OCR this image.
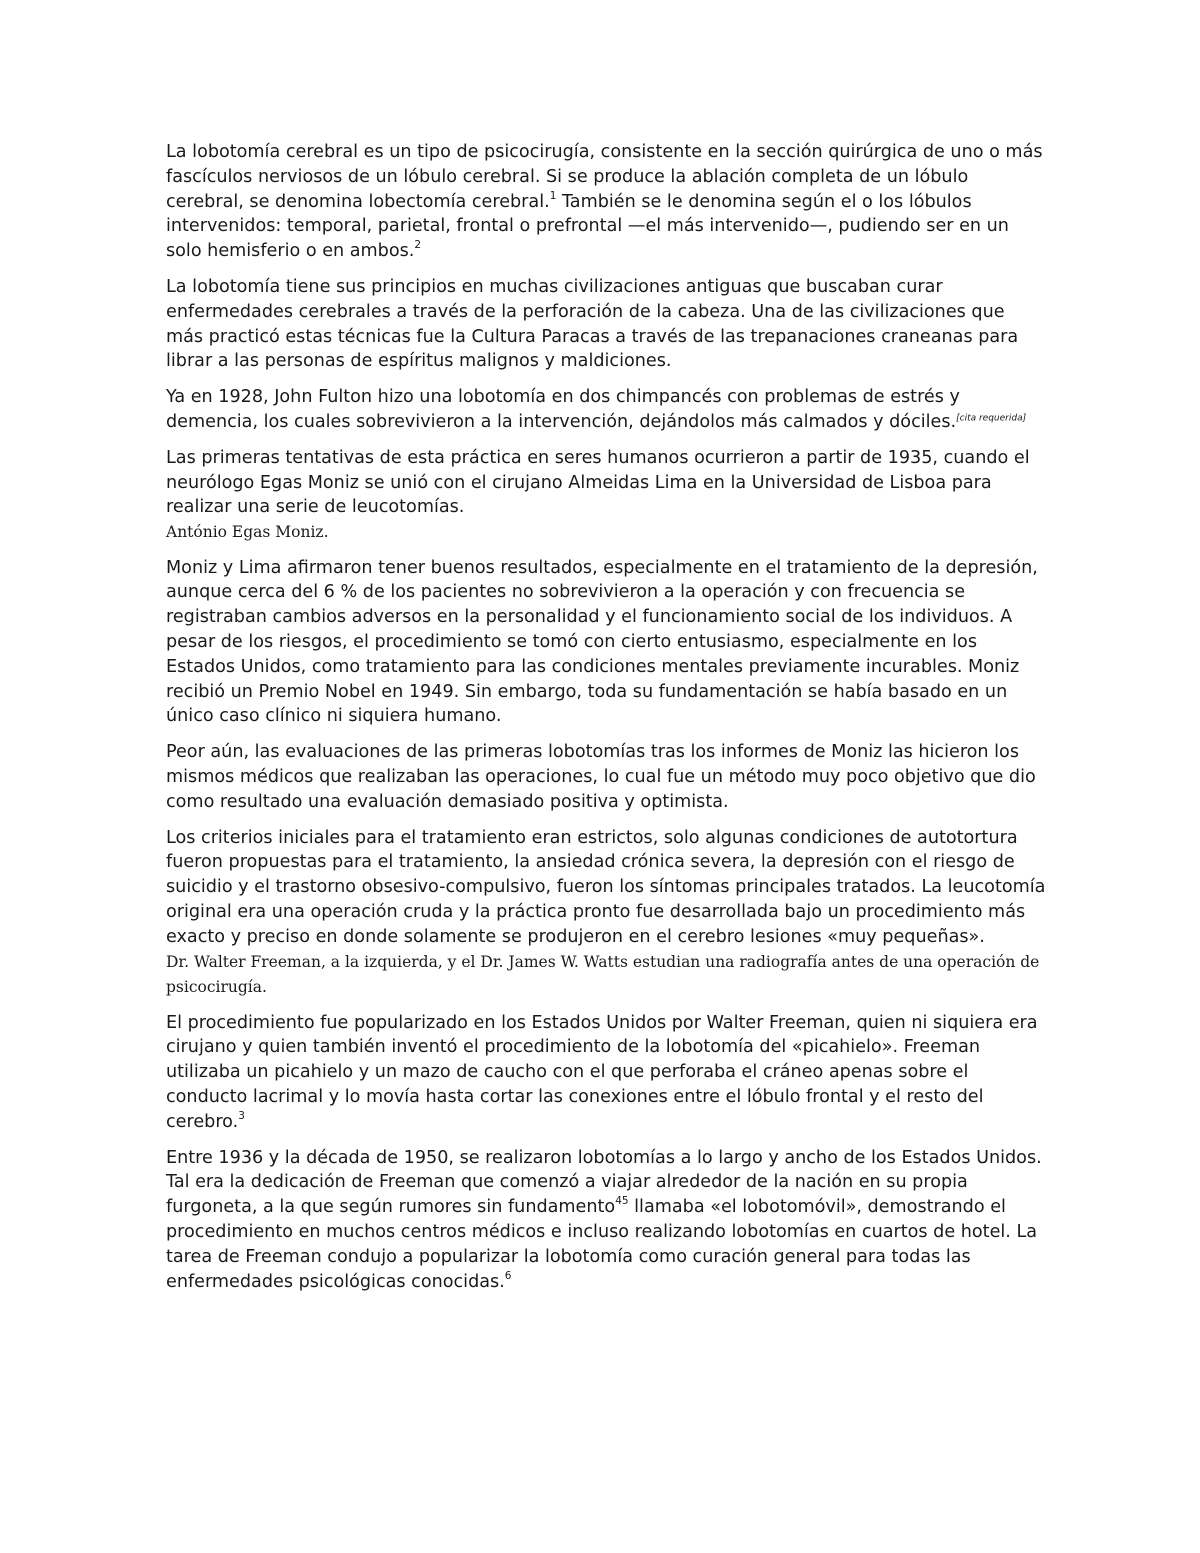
La lobotomía cerebral es un tipo de psicocirugía, consistente en la sección quirúrgica de uno o más fascículos nerviosos de un lóbulo cerebral. Si se produce la ablación completa de un lóbulo cerebral, se denomina lobectomía cerebral.$^1$ También se le denomina según el o los lóbulos intervenidos: temporal, parietal, frontal o prefrontal —el más intervenido—, pudiendo ser en un solo hemisferio o en ambos.$^2$

La lobotomía tiene sus principios en muchas civilizaciones antiguas que buscaban curar enfermedades cerebrales a través de la perforación de la cabeza. Una de las civilizaciones que más practicó estas técnicas fue la Cultura Paracas a través de las trepanaciones craneanas para librar a las personas de espíritus malignos y maldiciones.

Ya en 1928, John Fulton hizo una lobotomía en dos chimpancés con problemas de estrés y demencia, los cuales sobrevivieron a la intervención, dejándolos más calmados y dóciles.[cita requerida]

Las primeras tentativas de esta práctica en seres humanos ocurrieron a partir de 1935, cuando el neurólogo Egas Moniz se unió con el cirujano Almeidas Lima en la Universidad de Lisboa para realizar una serie de leucotomías.

António Egas Moniz.

Moniz y Lima afirmaron tener buenos resultados, especialmente en el tratamiento de la depresión, aunque cerca del 6 % de los pacientes no sobrevivieron a la operación y con frecuencia se registraban cambios adversos en la personalidad y el funcionamiento social de los individuos. A pesar de los riesgos, el procedimiento se tomó con cierto entusiasmo, especialmente en los Estados Unidos, como tratamiento para las condiciones mentales previamente incurables. Moniz recibió un Premio Nobel en 1949. Sin embargo, toda su fundamentación se había basado en un único caso clínico ni siquiera humano.

Peor aún, las evaluaciones de las primeras lobotomías tras los informes de Moniz las hicieron los mismos médicos que realizaban las operaciones, lo cual fue un método muy poco objetivo que dio como resultado una evaluación demasiado positiva y optimista.

Los criterios iniciales para el tratamiento eran estrictos, solo algunas condiciones de autotortura fueron propuestas para el tratamiento, la ansiedad crónica severa, la depresión con el riesgo de suicidio y el trastorno obsesivo-compulsivo, fueron los síntomas principales tratados. La leucotomía original era una operación cruda y la práctica pronto fue desarrollada bajo un procedimiento más exacto y preciso en donde solamente se produjeron en el cerebro lesiones «muy pequeñas».

Dr. Walter Freeman, a la izquierda, y el Dr. James W. Watts estudian una radiografía antes de una operación de psicocirugía.

El procedimiento fue popularizado en los Estados Unidos por Walter Freeman, quien ni siquiera era cirujano y quien también inventó el procedimiento de la lobotomía del «picahielo». Freeman utilizaba un picahielo y un mazo de caucho con el que perforaba el cráneo apenas sobre el conducto lacrimal y lo movía hasta cortar las conexiones entre el lóbulo frontal y el resto del cerebro.$^3$

Entre 1936 y la década de 1950, se realizaron lobotomías a lo largo y ancho de los Estados Unidos. Tal era la dedicación de Freeman que comenzó a viajar alrededor de la nación en su propia furgoneta, a la que según rumores sin fundamento$^{45}$ llamaba «el lobotomóvil», demostrando el procedimiento en muchos centros médicos e incluso realizando lobotomías en cuartos de hotel. La tarea de Freeman condujo a popularizar la lobotomía como curación general para todas las enfermedades psicológicas conocidas.$^6$
